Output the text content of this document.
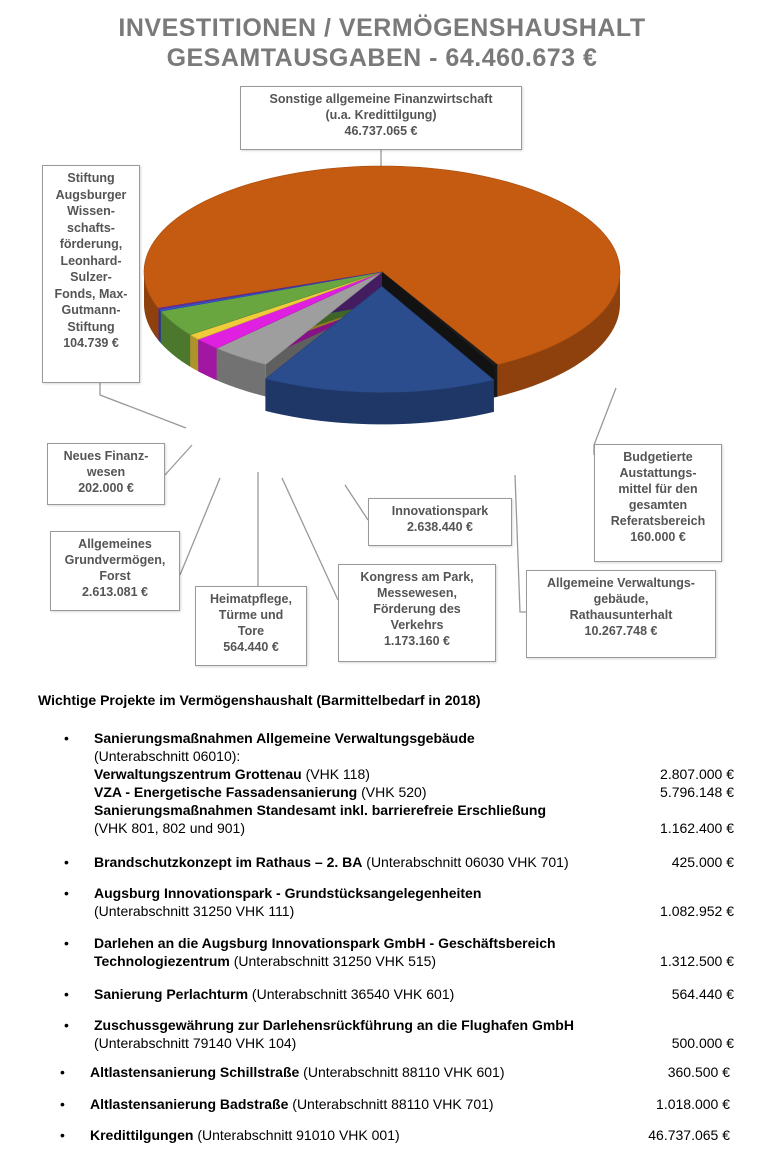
INVESTITIONEN / VERMÖGENSHAUSHALT
GESAMTAUSGABEN - 64.460.673 €
Sonstige allgemeine Finanzwirtschaft
(u.a. Kredittilgung)
46.737.065 €
Stiftung
Augsburger
Wissen-
schafts-
förderung,
Leonhard-
Sulzer-
Fonds, Max-
Gutmann-
Stiftung
104.739 €
Neues Finanz-
wesen
202.000 €
Allgemeines
Grundvermögen,
Forst
2.613.081 €	Heimatpflege,
Türme und
Tore
564.440 €
Kongress am Park,
Messewesen,
Förderung des
Verkehrs
1.173.160 €
Innovationspark
2.638.440 €
Allgemeine Verwaltungs-
gebäude,
Rathausunterhalt
10.267.748 €
Budgetierte
Austattungs-
mittel für den
gesamten
Referatsbereich
160.000 €
Wichtige Projekte im Vermögenshaushalt (Barmittelbedarf in 2018)
• Sanierungsmaßnahmen Allgemeine Verwaltungsgebäude
(Unterabschnitt 06010):
Verwaltungszentrum Grottenau (VHK 118)	2.807.000 €
VZA - Energetische Fassadensanierung (VHK 520)	5.796.148 €
Sanierungsmaßnahmen Standesamt inkl. barrierefreie Erschließung
(VHK 801, 802 und 901)	1.162.400 €
• Brandschutzkonzept im Rathaus – 2. BA (Unterabschnitt 06030 VHK 701)	425.000 €
• Augsburg Innovationspark - Grundstücksangelegenheiten
(Unterabschnitt 31250 VHK 111)	1.082.952 €
• Darlehen an die Augsburg Innovationspark GmbH - Geschäftsbereich
Technologiezentrum (Unterabschnitt 31250 VHK 515)	1.312.500 €
• Sanierung Perlachturm (Unterabschnitt 36540 VHK 601)	564.440 €
• Zuschussgewährung zur Darlehensrückführung an die Flughafen GmbH
(Unterabschnitt 79140 VHK 104)	500.000 €
• Altlastensanierung Schillstraße (Unterabschnitt 88110 VHK 601)	360.500 €
• Altlastensanierung Badstraße (Unterabschnitt 88110 VHK 701)	1.018.000 €
• Kredittilgungen (Unterabschnitt 91010 VHK 001)	46.737.065 €
